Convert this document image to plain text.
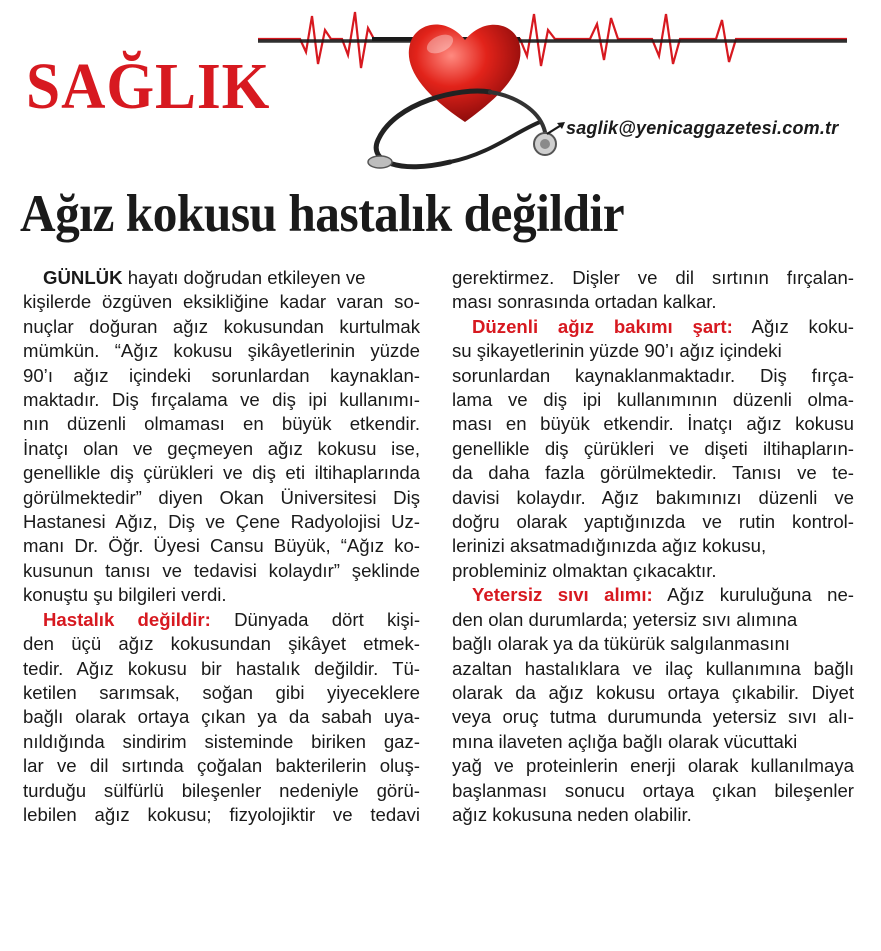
SAĞLIK
saglik@yenicaggazetesi.com.tr
Ağız kokusu hastalık değildir
GÜNLÜK hayatı doğrudan etkileyen ve
kişilerde özgüven eksikliğine kadar varan so-
nuçlar doğuran ağız kokusundan kurtulmak
mümkün. “Ağız kokusu şikâyetlerinin yüzde
90’ı ağız içindeki sorunlardan kaynaklan-
maktadır. Diş fırçalama ve diş ipi kullanımı-
nın düzenli olmaması en büyük etkendir.
İnatçı olan ve geçmeyen ağız kokusu ise,
genellikle diş çürükleri ve diş eti iltihaplarında
görülmektedir” diyen Okan Üniversitesi Diş
Hastanesi Ağız, Diş ve Çene Radyolojisi Uz-
manı Dr. Öğr. Üyesi Cansu Büyük, “Ağız ko-
kusunun tanısı ve tedavisi kolaydır” şeklinde
konuştu şu bilgileri verdi.
Hastalık değildir: Dünyada dört kişi-
den üçü ağız kokusundan şikâyet etmek-
tedir. Ağız kokusu bir hastalık değildir. Tü-
ketilen sarımsak, soğan gibi yiyeceklere
bağlı olarak ortaya çıkan ya da sabah uya-
nıldığında sindirim sisteminde biriken gaz-
lar ve dil sırtında çoğalan bakterilerin oluş-
turduğu sülfürlü bileşenler nedeniyle görü-
lebilen ağız kokusu; fizyolojiktir ve tedavi
gerektirmez. Dişler ve dil sırtının fırçalan-
ması sonrasında ortadan kalkar.
Düzenli ağız bakımı şart: Ağız koku-
su şikayetlerinin yüzde 90’ı ağız içindeki
sorunlardan kaynaklanmaktadır. Diş fırça-
lama ve diş ipi kullanımının düzenli olma-
ması en büyük etkendir. İnatçı ağız kokusu
genellikle diş çürükleri ve dişeti iltihapların-
da daha fazla görülmektedir. Tanısı ve te-
davisi kolaydır. Ağız bakımınızı düzenli ve
doğru olarak yaptığınızda ve rutin kontrol-
lerinizi aksatmadığınızda ağız kokusu,
probleminiz olmaktan çıkacaktır.
Yetersiz sıvı alımı: Ağız kuruluğuna ne-
den olan durumlarda; yetersiz sıvı alımına
bağlı olarak ya da tükürük salgılanmasını
azaltan hastalıklara ve ilaç kullanımına bağlı
olarak da ağız kokusu ortaya çıkabilir. Diyet
veya oruç tutma durumunda yetersiz sıvı alı-
mına ilaveten açlığa bağlı olarak vücuttaki
yağ ve proteinlerin enerji olarak kullanılmaya
başlanması sonucu ortaya çıkan bileşenler
ağız kokusuna neden olabilir.
